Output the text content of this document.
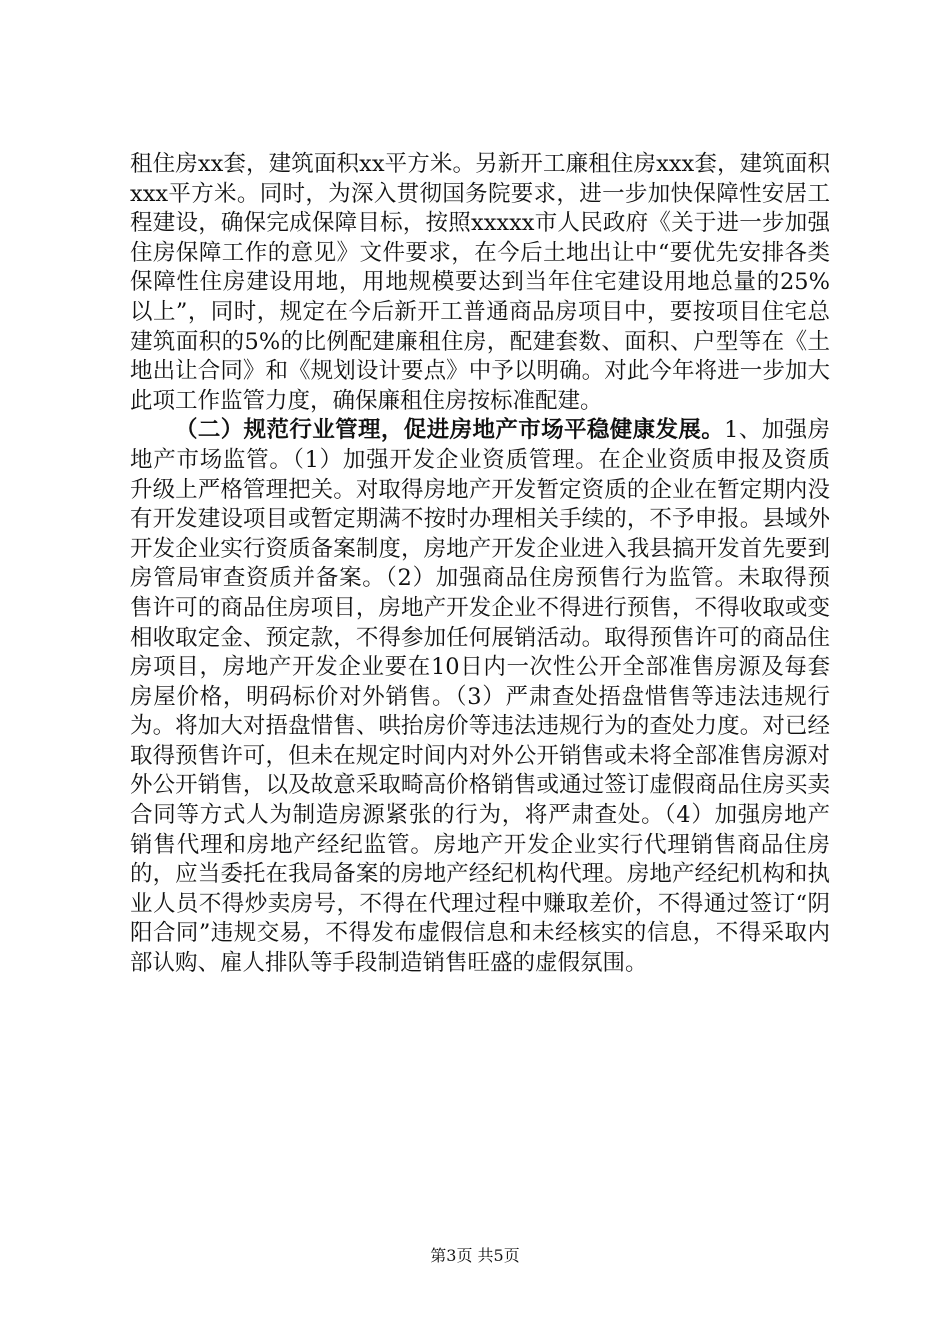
租住房xx套，建筑面积xx平方米。另新开工廉租住房xxx套，建筑面积xxx平方米。同时，为深入贯彻国务院要求，进一步加快保障性安居工程建设，确保完成保障目标，按照xxxxx市人民政府《关于进一步加强住房保障工作的意见》文件要求，在今后土地出让中“要优先安排各类保障性住房建设用地，用地规模要达到当年住宅建设用地总量的25%以上”，同时，规定在今后新开工普通商品房项目中，要按项目住宅总建筑面积的5%的比例配建廉租住房，配建套数、面积、户型等在《土地出让合同》和《规划设计要点》中予以明确。对此今年将进一步加大此项工作监管力度，确保廉租住房按标准配建。

（二）规范行业管理，促进房地产市场平稳健康发展。1、加强房地产市场监管。（1）加强开发企业资质管理。在企业资质申报及资质升级上严格管理把关。对取得房地产开发暂定资质的企业在暂定期内没有开发建设项目或暂定期满不按时办理相关手续的，不予申报。县域外开发企业实行资质备案制度，房地产开发企业进入我县搞开发首先要到房管局审查资质并备案。（2）加强商品住房预售行为监管。未取得预售许可的商品住房项目，房地产开发企业不得进行预售，不得收取或变相收取定金、预定款，不得参加任何展销活动。取得预售许可的商品住房项目，房地产开发企业要在10日内一次性公开全部准售房源及每套房屋价格，明码标价对外销售。（3）严肃查处捂盘惜售等违法违规行为。将加大对捂盘惜售、哄抬房价等违法违规行为的查处力度。对已经取得预售许可，但未在规定时间内对外公开销售或未将全部准售房源对外公开销售，以及故意采取畸高价格销售或通过签订虚假商品住房买卖合同等方式人为制造房源紧张的行为，将严肃查处。（4）加强房地产销售代理和房地产经纪监管。房地产开发企业实行代理销售商品住房的，应当委托在我局备案的房地产经纪机构代理。房地产经纪机构和执业人员不得炒卖房号，不得在代理过程中赚取差价，不得通过签订“阴阳合同”违规交易，不得发布虚假信息和未经核实的信息，不得采取内部认购、雇人排队等手段制造销售旺盛的虚假氛围。

第3页 共5页
